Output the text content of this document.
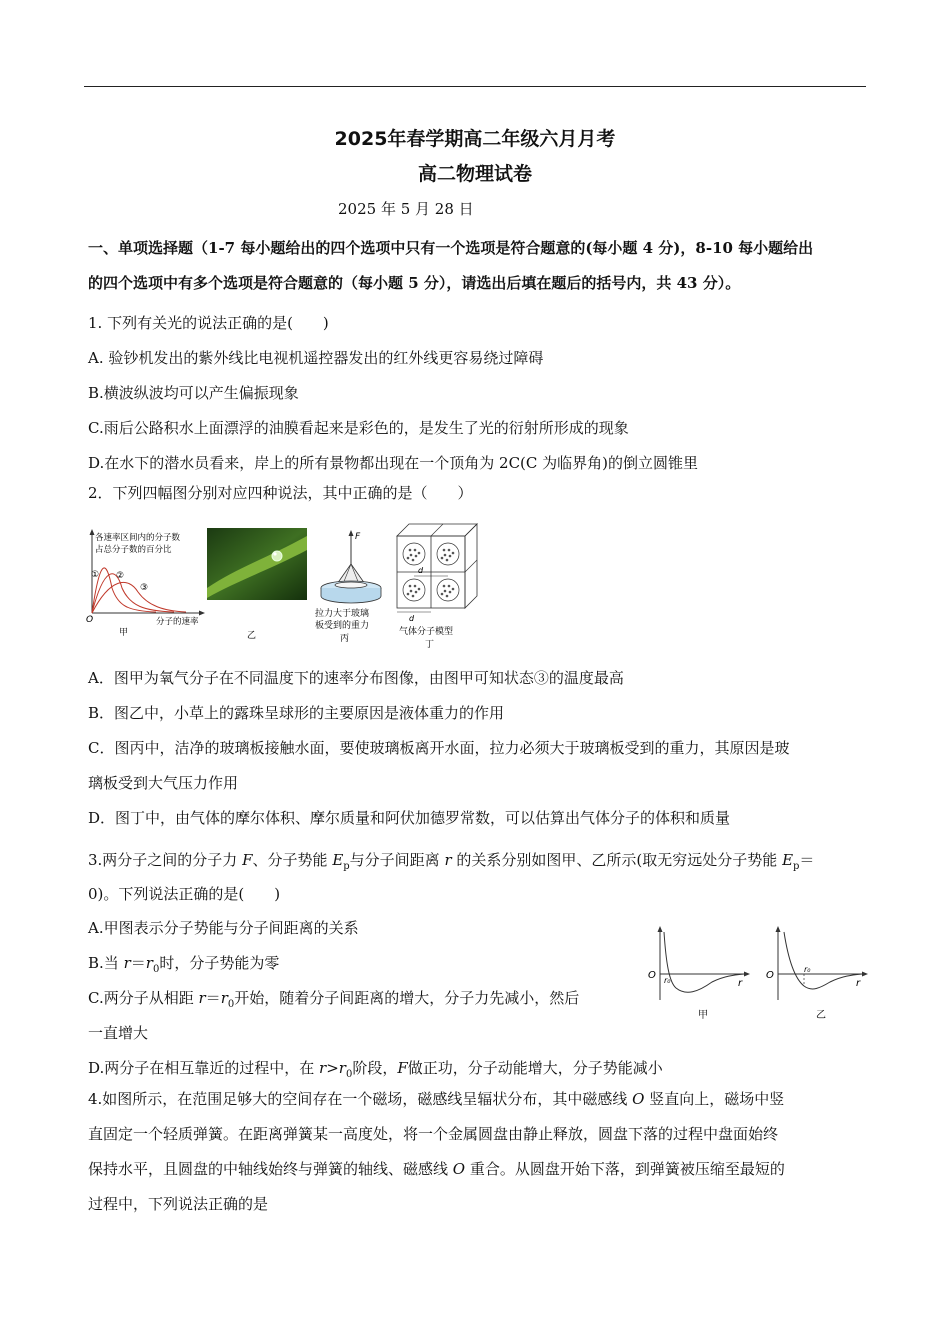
2025年春学期高二年级六月月考
高二物理试卷
2025 年 5 月 28 日
一、单项选择题（1-7 每小题给出的四个选项中只有一个选项是符合题意的(每小题 4 分)，8-10 每小题给出
的四个选项中有多个选项是符合题意的（每小题 5 分），请选出后填在题后的括号内，共 43 分）。
1. 下列有关光的说法正确的是(　　)
A. 验钞机发出的紫外线比电视机遥控器发出的红外线更容易绕过障碍
B.横波纵波均可以产生偏振现象
C.雨后公路积水上面漂浮的油膜看起来是彩色的，是发生了光的衍射所形成的现象
D.在水下的潜水员看来，岸上的所有景物都出现在一个顶角为 2C(C 为临界角)的倒立圆锥里
2．下列四幅图分别对应四种说法，其中正确的是（　　）
各速率区间内的分子数
占总分子数的百分比
① ②
③
O	分子的速率
甲	乙
F
拉力大于玻璃
板受到的重力
丙
d
d
气体分子模型
丁
A．图甲为氧气分子在不同温度下的速率分布图像，由图甲可知状态③的温度最高
B．图乙中，小草上的露珠呈球形的主要原因是液体重力的作用
C．图丙中，洁净的玻璃板接触水面，要使玻璃板离开水面，拉力必须大于玻璃板受到的重力，其原因是玻
璃板受到大气压力作用
D．图丁中，由气体的摩尔体积、摩尔质量和阿伏加德罗常数，可以估算出气体分子的体积和质量
3.两分子之间的分子力 F、分子势能 $E_p$与分子间距离 r 的关系分别如图甲、乙所示(取无穷远处分子势能 $E_p=$
0)。下列说法正确的是(　　)
A.甲图表示分子势能与分子间距离的关系
B.当 $r=r_0$时，分子势能为零
C.两分子从相距 $r=r_0$开始，随着分子间距离的增大，分子力先减小，然后
一直增大
D.两分子在相互靠近的过程中，在 $r>r_0$阶段，F做正功，分子动能增大，分子势能减小
O r₀	r
甲
O
r₀
r
乙
4.如图所示，在范围足够大的空间存在一个磁场，磁感线呈辐状分布，其中磁感线 O 竖直向上，磁场中竖
直固定一个轻质弹簧。在距离弹簧某一高度处，将一个金属圆盘由静止释放，圆盘下落的过程中盘面始终
保持水平，且圆盘的中轴线始终与弹簧的轴线、磁感线 O 重合。从圆盘开始下落，到弹簧被压缩至最短的
过程中，下列说法正确的是
